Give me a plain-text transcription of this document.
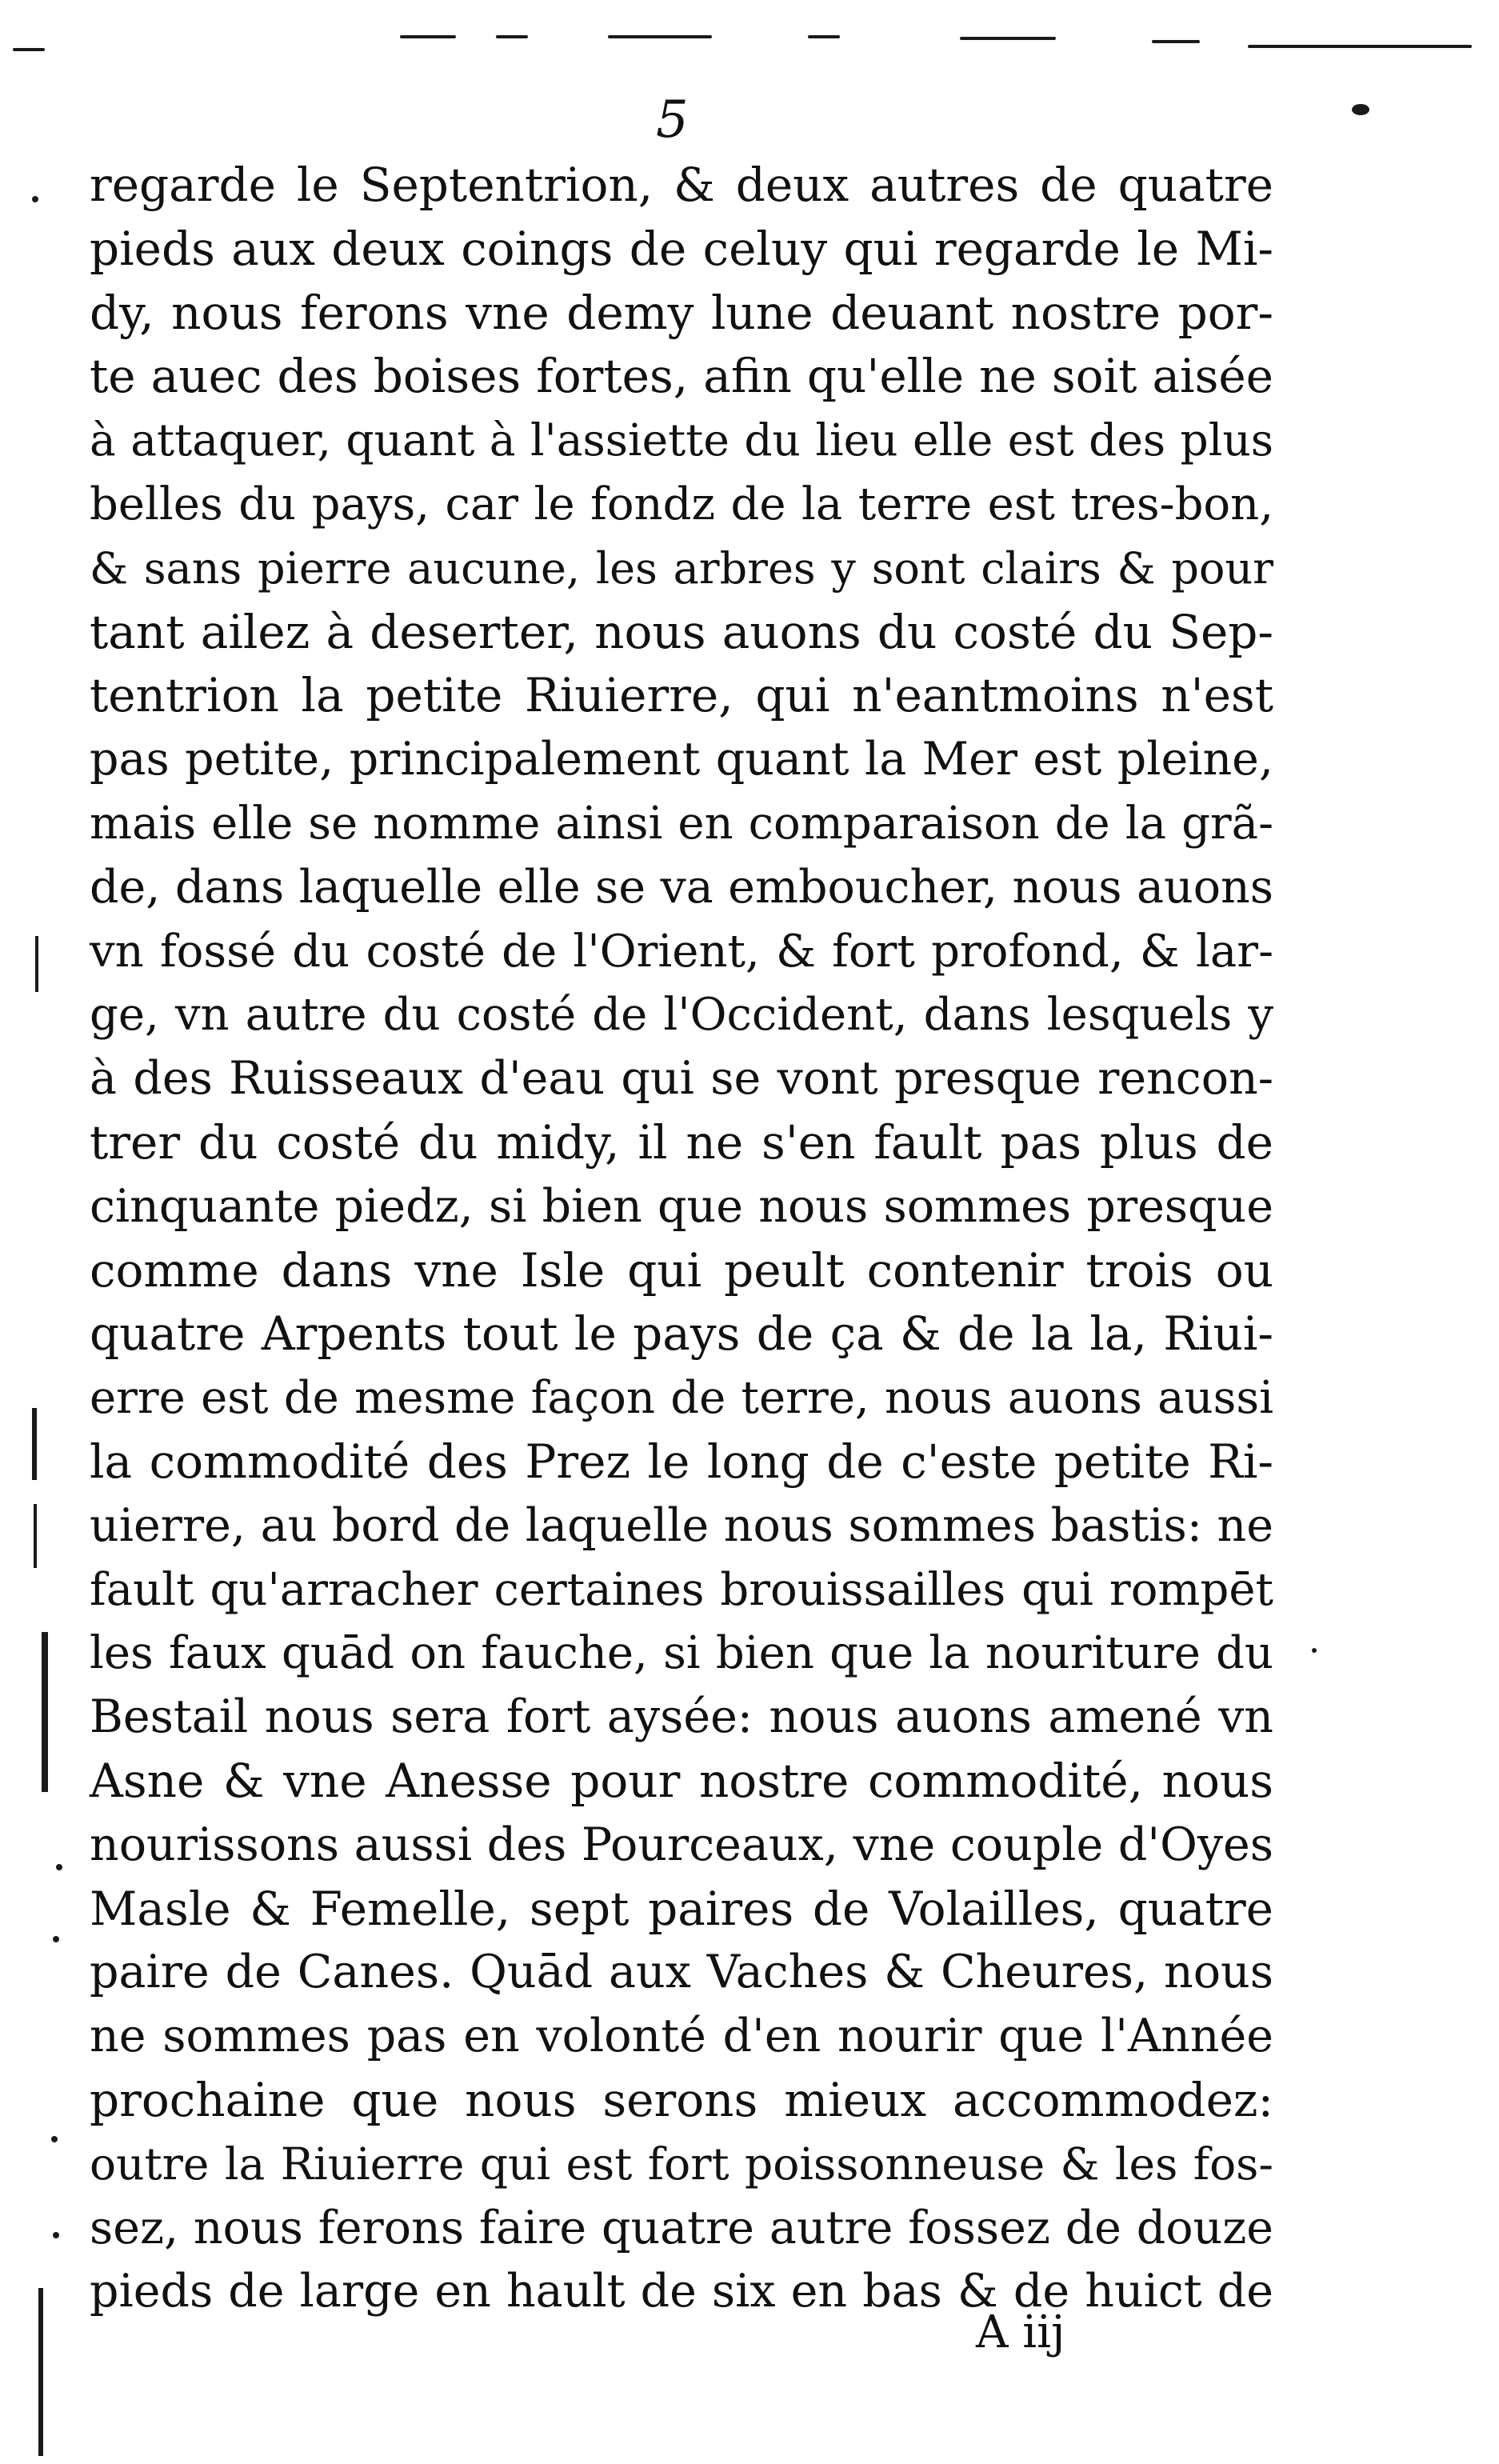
5
regarde le Septentrion, & deux autres de quatre
pieds aux deux coings de celuy qui regarde le Mi-
dy, nous ferons vne demy lune deuant nostre por-
te auec des boises fortes, afin qu'elle ne soit aisée
à attaquer, quant à l'assiette du lieu elle est des plus
belles du pays, car le fondz de la terre est tres-bon,
& sans pierre aucune, les arbres y sont clairs & pour
tant ailez à deserter, nous auons du costé du Sep-
tentrion la petite Riuierre, qui n'eantmoins n'est
pas petite, principalement quant la Mer est pleine,
mais elle se nomme ainsi en comparaison de la grã-
de, dans laquelle elle se va emboucher, nous auons
vn fossé du costé de l'Orient, & fort profond, & lar-
ge, vn autre du costé de l'Occident, dans lesquels y
à des Ruisseaux d'eau qui se vont presque rencon-
trer du costé du midy, il ne s'en fault pas plus de
cinquante piedz, si bien que nous sommes presque
comme dans vne Isle qui peult contenir trois ou
quatre Arpents tout le pays de ça & de la la, Riui-
erre est de mesme façon de terre, nous auons aussi
la commodité des Prez le long de c'este petite Ri-
uierre, au bord de laquelle nous sommes bastis: ne
fault qu'arracher certaines brouissailles qui rompēt
les faux quād on fauche, si bien que la nouriture du
Bestail nous sera fort aysée: nous auons amené vn
Asne & vne Anesse pour nostre commodité, nous
nourissons aussi des Pourceaux, vne couple d'Oyes
Masle & Femelle, sept paires de Volailles, quatre
paire de Canes. Quād aux Vaches & Cheures, nous
ne sommes pas en volonté d'en nourir que l'Année
prochaine que nous serons mieux accommodez:
outre la Riuierre qui est fort poissonneuse & les fos-
sez, nous ferons faire quatre autre fossez de douze
pieds de large en hault de six en bas & de huict de
A iij
